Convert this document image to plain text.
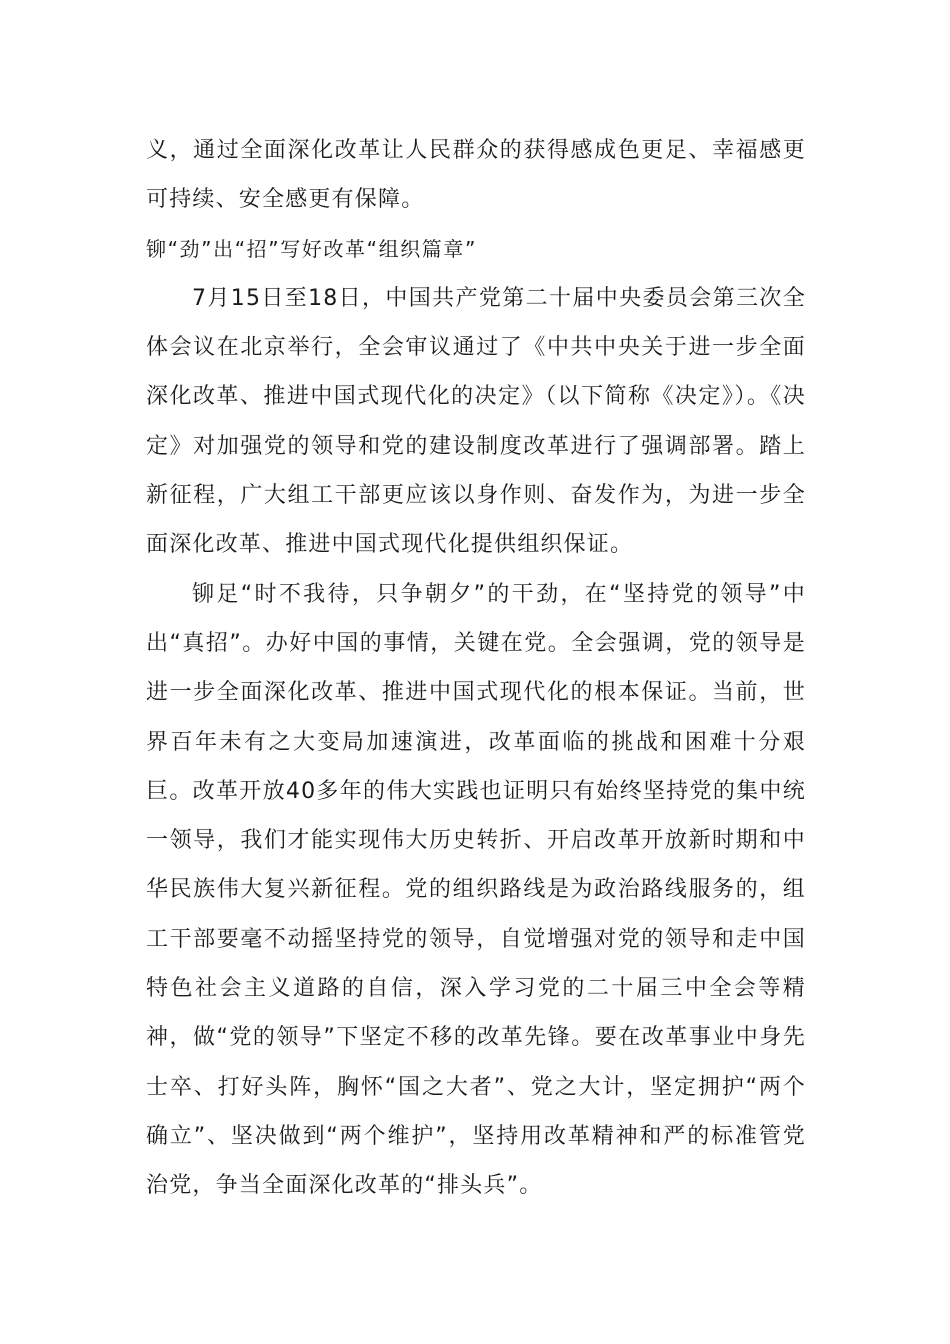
义，通过全面深化改革让人民群众的获得感成色更足、幸福感更可持续、安全感更有保障。

铆“劲”出“招”写好改革“组织篇章”

7月15日至18日，中国共产党第二十届中央委员会第三次全体会议在北京举行，全会审议通过了《中共中央关于进一步全面深化改革、推进中国式现代化的决定》（以下简称《决定》）。《决定》对加强党的领导和党的建设制度改革进行了强调部署。踏上新征程，广大组工干部更应该以身作则、奋发作为，为进一步全面深化改革、推进中国式现代化提供组织保证。

铆足“时不我待，只争朝夕”的干劲，在“坚持党的领导”中出“真招”。办好中国的事情，关键在党。全会强调，党的领导是进一步全面深化改革、推进中国式现代化的根本保证。当前，世界百年未有之大变局加速演进，改革面临的挑战和困难十分艰巨。改革开放40多年的伟大实践也证明只有始终坚持党的集中统一领导，我们才能实现伟大历史转折、开启改革开放新时期和中华民族伟大复兴新征程。党的组织路线是为政治路线服务的，组工干部要毫不动摇坚持党的领导，自觉增强对党的领导和走中国特色社会主义道路的自信，深入学习党的二十届三中全会等精神，做“党的领导”下坚定不移的改革先锋。要在改革事业中身先士卒、打好头阵，胸怀“国之大者”、党之大计，坚定拥护“两个确立”、坚决做到“两个维护”，坚持用改革精神和严的标准管党治党，争当全面深化改革的“排头兵”。
